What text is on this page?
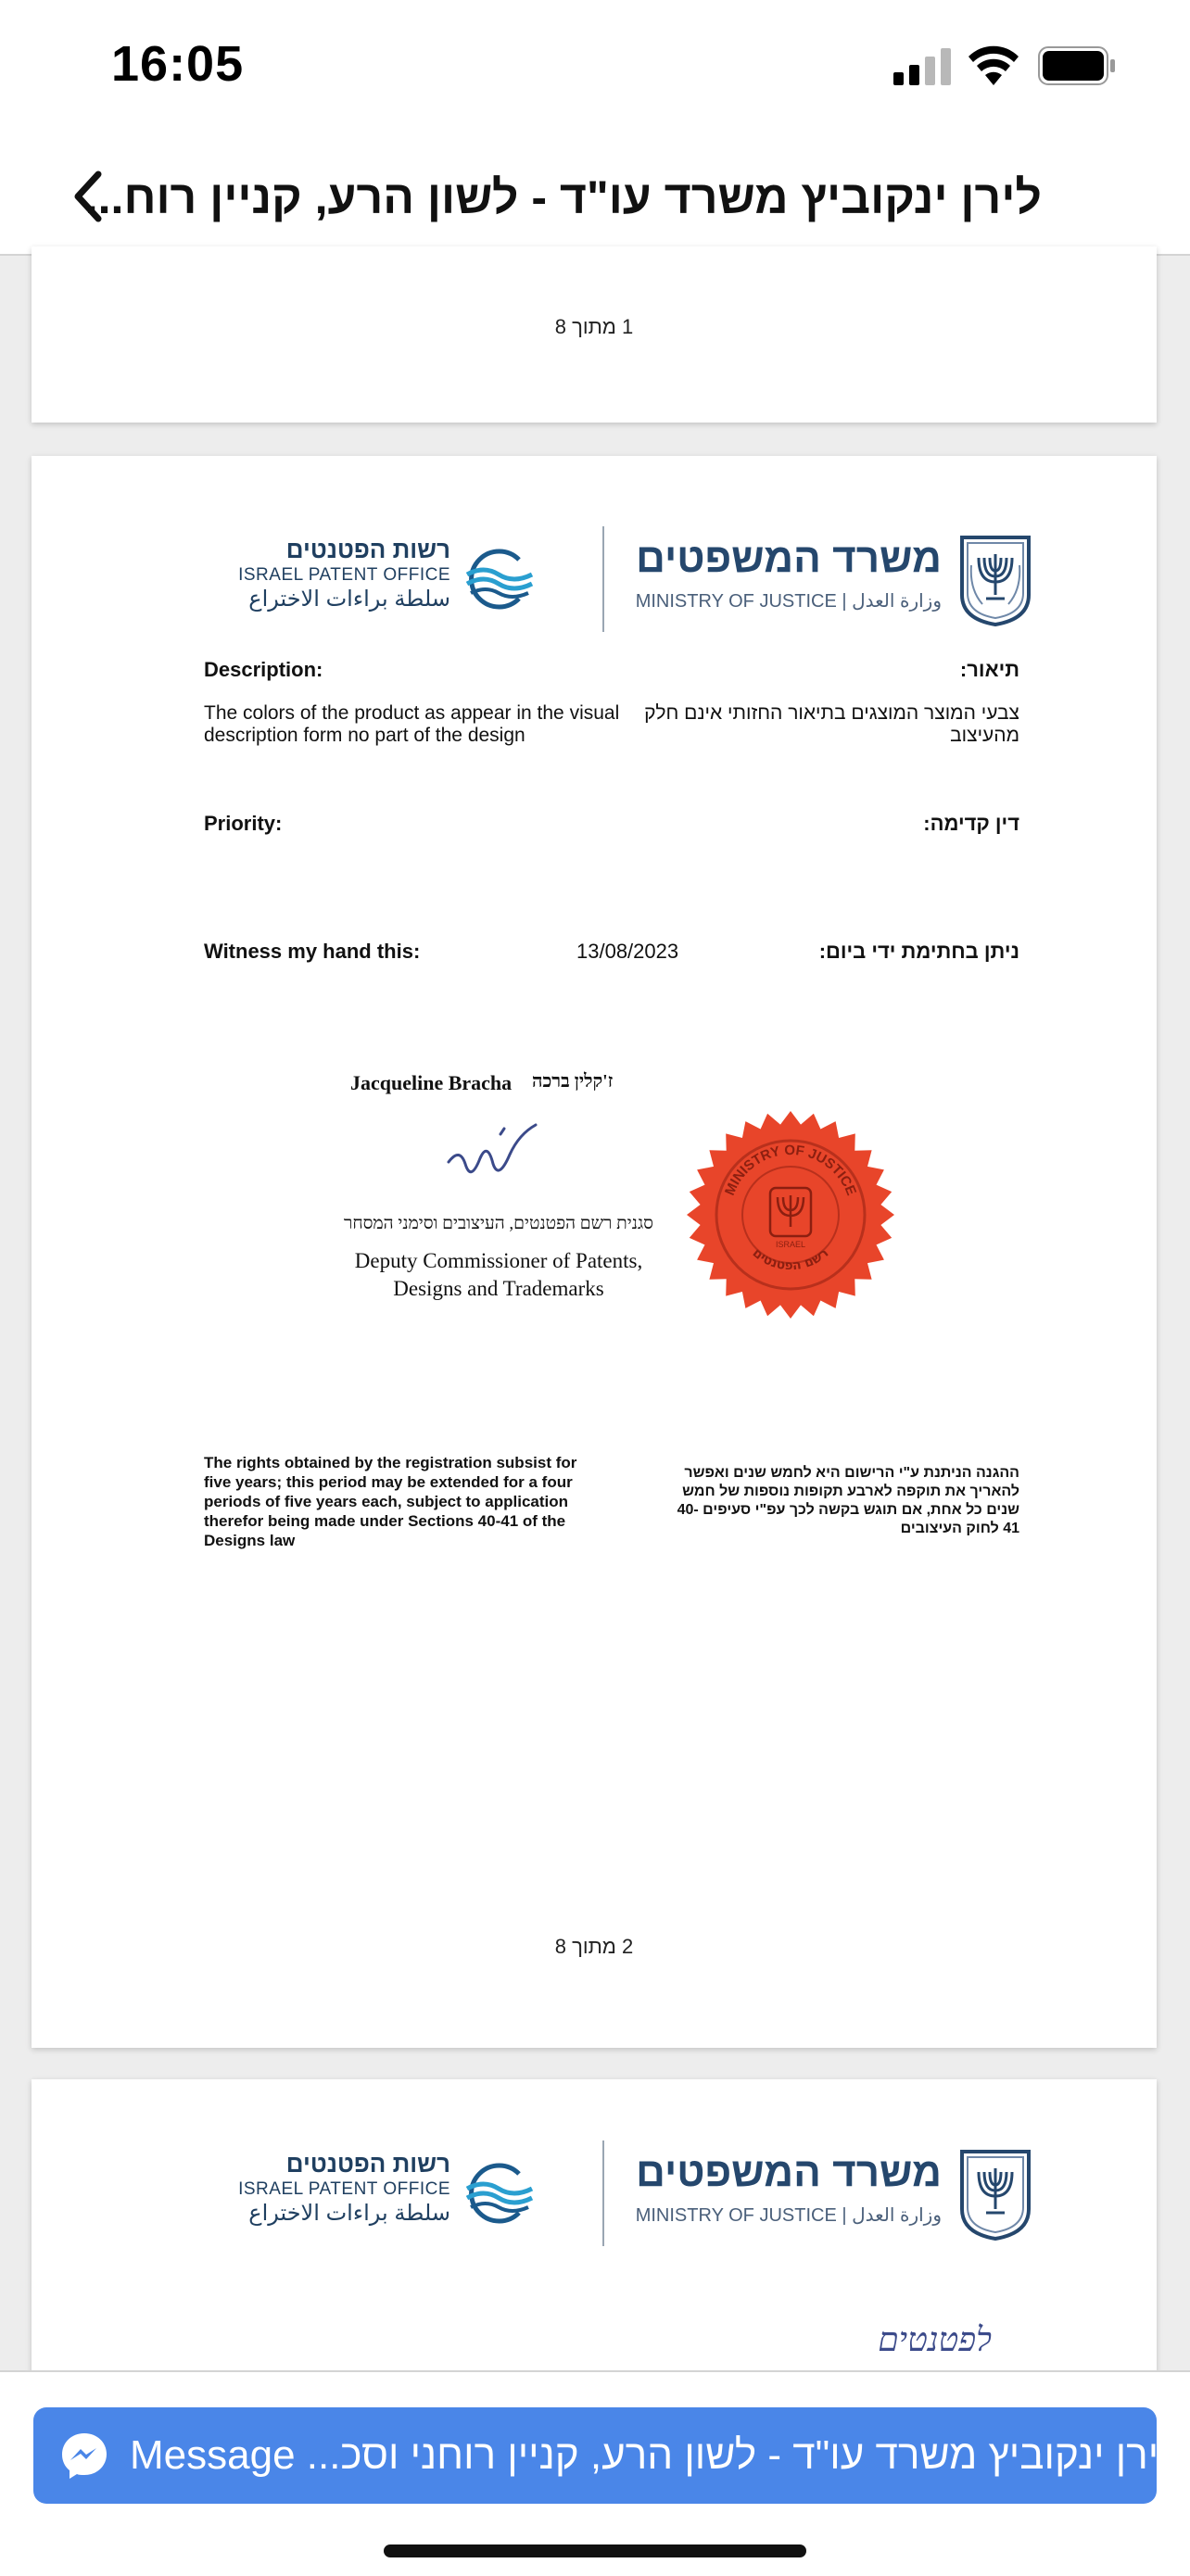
16:05
לירן ינקוביץ משרד עו"ד - לשון הרע, קניין רוח...
1 מתוך 8
משרד המשפטים
MINISTRY OF JUSTICE | وزارة العدل
רשות הפטנטים
ISRAEL PATENT OFFICE
سلطة براءات الاختراع
Description:	תיאור:
The colors of the product as appear in the visual description form no part of the design
צבעי המוצר המוצגים בתיאור החזותי אינם חלק מהעיצוב
Priority:	דין קדימה:
Witness my hand this:	13/08/2023	ניתן בחתימת ידי ביום:
Jacqueline Bracha ז'קלין ברכה
סגנית רשם הפטנטים, העיצובים וסימני המסחר
Deputy Commissioner of Patents,
Designs and Trademarks
MINISTRY OF JUSTICE
רשם הפטנטים
ISRAEL
The rights obtained by the registration subsist for five years; this period may be extended for a four periods of five years each, subject to application therefor being made under Sections 40-41 of the Designs law
ההגנה הניתנת ע"י הרישום היא לחמש שנים ואפשר להאריך את תוקפה לארבע תקופות נוספות של חמש שנים כל אחת, אם תוגש בקשה לכך עפ"י סעיפים 40-41 לחוק העיצובים
2 מתוך 8
משרד המשפטים
MINISTRY OF JUSTICE | وزارة العدل
רשות הפטנטים
ISRAEL PATENT OFFICE
سلطة براءات الاختراع
לפטנטים
לירן ינקוביץ משרד עו"ד - לשון הרע, קניין רוחני וסכ... Message
